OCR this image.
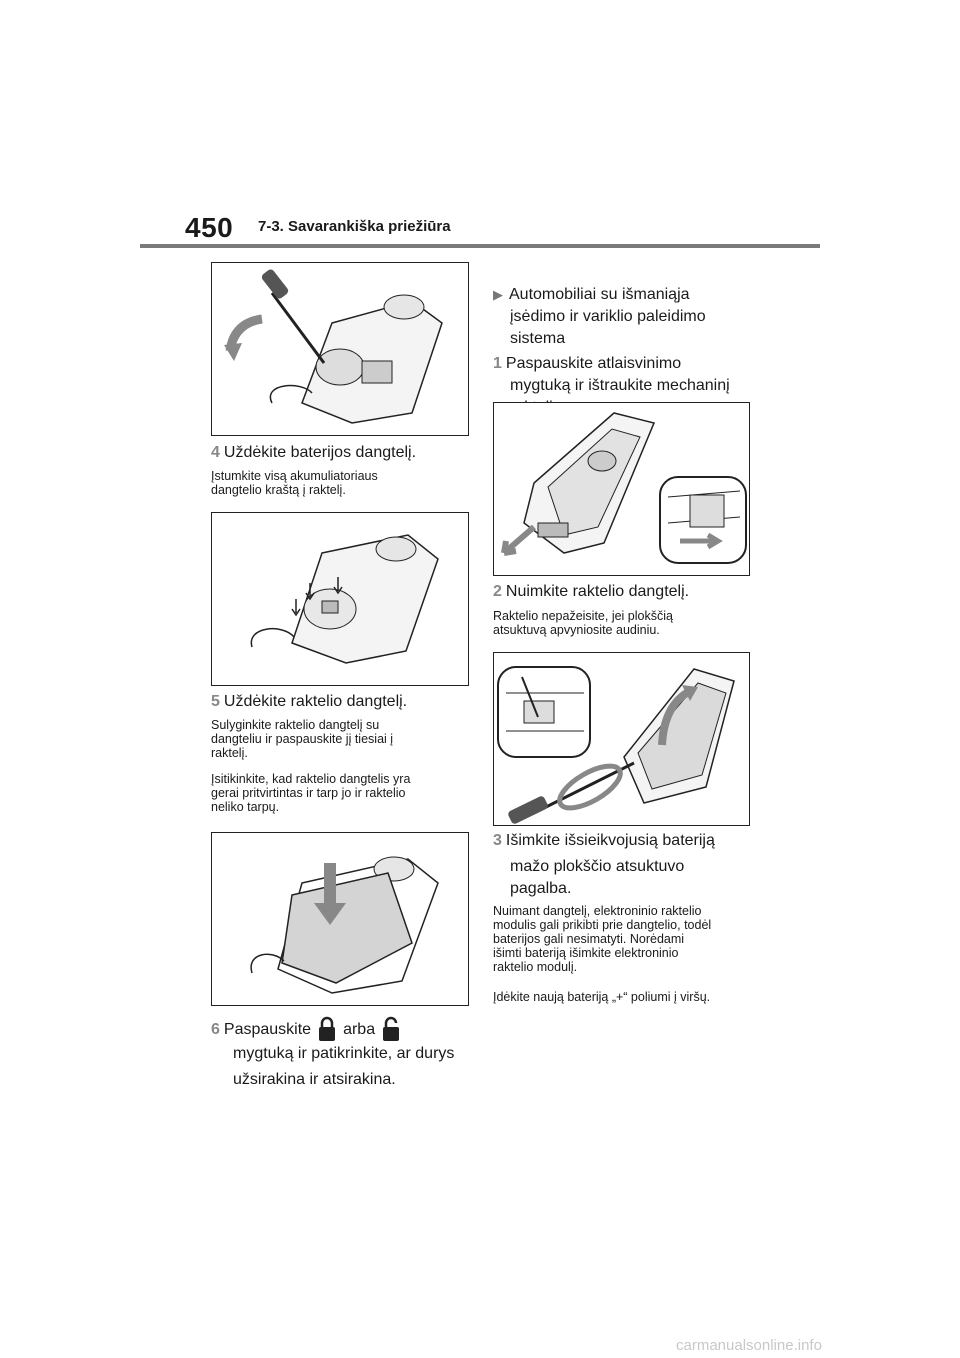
450 7-3. Savarankiška priežiūra
4 Uždėkite baterijos dangtelį.
Įstumkite visą akumuliatoriaus
dangtelio kraštą į raktelį.
5 Uždėkite raktelio dangtelį.
Sulyginkite raktelio dangtelį su
dangteliu ir paspauskite jį tiesiai į
raktelį.
Įsitikinkite, kad raktelio dangtelis yra
gerai pritvirtintas ir tarp jo ir raktelio
neliko tarpų.
6 Paspauskite arba
mygtuką ir patikrinkite, ar durys
užsirakina ir atsirakina.
▶ Automobiliai su išmaniąja
įsėdimo ir variklio paleidimo
sistema
1 Paspauskite atlaisvinimo
mygtuką ir ištraukite mechaninį
2 Nuimkite raktelio dangtelį.
Raktelio nepažeisite, jei plokščią
atsuktuvą apvyniosite audiniu.
3 Išimkite išsieikvojusią bateriją
mažo plokščio atsuktuvo
pagalba.
Nuimant dangtelį, elektroninio raktelio
modulis gali prikibti prie dangtelio, todėl
baterijos gali nesimatyti. Norėdami
išimti bateriją išimkite elektroninio
raktelio modulį.
Įdėkite naują bateriją „+“ poliumi į viršų.
carmanualsonline.info
